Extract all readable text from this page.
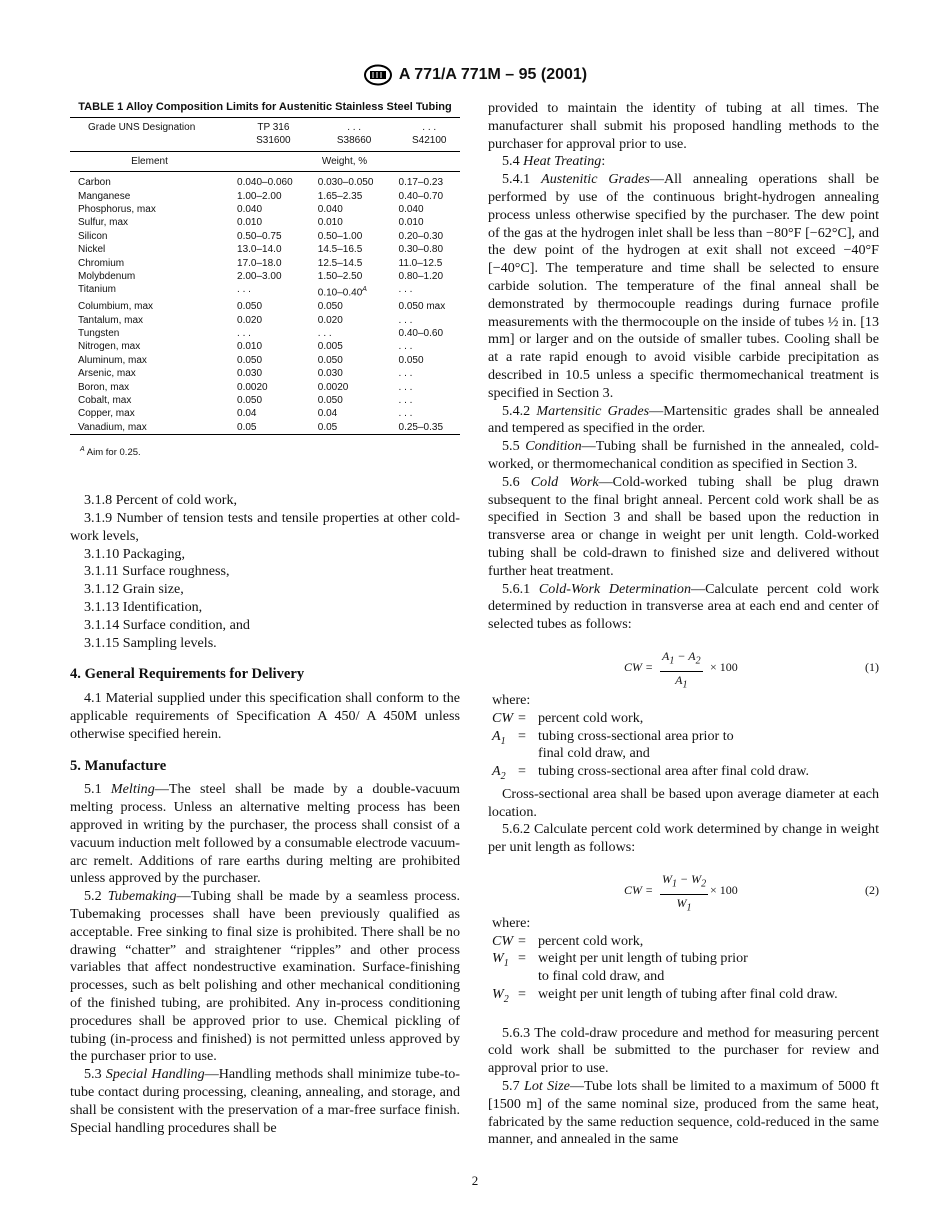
A 771/A 771M – 95 (2001)
TABLE 1 Alloy Composition Limits for Austenitic Stainless Steel Tubing
Grade UNS Designation	TP 316	. . .	. . .
	S31600	S38660	S42100
Element	Weight, %		

Carbon	0.040–0.060	0.030–0.050	0.17–0.23
Manganese	1.00–2.00	1.65–2.35	0.40–0.70
Phosphorus, max	0.040	0.040	0.040
Sulfur, max	0.010	0.010	0.010
Silicon	0.50–0.75	0.50–1.00	0.20–0.30
Nickel	13.0–14.0	14.5–16.5	0.30–0.80
Chromium	17.0–18.0	12.5–14.5	11.0–12.5
Molybdenum	2.00–3.00	1.50–2.50	0.80–1.20
Titanium	. . .	$0.10-0.40^A$	. . .
Columbium, max	0.050	0.050	0.050 max
Tantalum, max	0.020	0.020	. . .
Tungsten	. . .	. . .	0.40–0.60
Nitrogen, max	0.010	0.005	. . .
Aluminum, max	0.050	0.050	0.050
Arsenic, max	0.030	0.030	. . .
Boron, max	0.0020	0.0020	. . .
Cobalt, max	0.050	0.050	. . .
Copper, max	0.04	0.04	. . .
Vanadium, max	0.05	0.05	0.25–0.35
$^A$ Aim for 0.25.

3.1.8 Percent of cold work,

3.1.9 Number of tension tests and tensile properties at other cold-work levels,

3.1.10 Packaging,

3.1.11 Surface roughness,

3.1.12 Grain size,

3.1.13 Identification,

3.1.14 Surface condition, and

3.1.15 Sampling levels.

4. General Requirements for Delivery

4.1 Material supplied under this specification shall conform to the applicable requirements of Specification A 450/ A 450M unless otherwise specified herein.

5. Manufacture

5.1 Melting—The steel shall be made by a double-vacuum melting process. Unless an alternative melting process has been approved in writing by the purchaser, the process shall consist of a vacuum induction melt followed by a consumable electrode vacuum-arc remelt. Additions of rare earths during melting are prohibited unless approved by the purchaser.

5.2 Tubemaking—Tubing shall be made by a seamless process. Tubemaking processes shall have been previously qualified as acceptable. Free sinking to final size is prohibited. There shall be no drawing “chatter” and straightener “ripples” and other process variables that affect nondestructive examination. Surface-finishing processes, such as belt polishing and other mechanical conditioning of the finished tubing, are prohibited. Any in-process conditioning procedures shall be approved prior to use. Chemical pickling of tubing (in-process and finished) is not permitted unless approved by the purchaser prior to use.

5.3 Special Handling—Handling methods shall minimize tube-to-tube contact during processing, cleaning, annealing, and storage, and shall be consistent with the preservation of a mar-free surface finish. Special handling procedures shall be

provided to maintain the identity of tubing at all times. The manufacturer shall submit his proposed handling methods to the purchaser for approval prior to use.

5.4 Heat Treating:

5.4.1 Austenitic Grades—All annealing operations shall be performed by use of the continuous bright-hydrogen annealing process unless otherwise specified by the purchaser. The dew point of the gas at the hydrogen inlet shall be less than −80°F [−62°C], and the dew point of the hydrogen at exit shall not exceed −40°F [−40°C]. The temperature and time shall be selected to ensure carbide solution. The temperature of the final anneal shall be demonstrated by thermocouple readings during furnace profile measurements with the thermocouple on the inside of tubes ½ in. [13 mm] or larger and on the outside of smaller tubes. Cooling shall be at a rate rapid enough to avoid visible carbide precipitation as described in 10.5 unless a specific thermomechanical treatment is specified in Section 3.

5.4.2 Martensitic Grades—Martensitic grades shall be annealed and tempered as specified in the order.

5.5 Condition—Tubing shall be furnished in the annealed, cold-worked, or thermomechanical condition as specified in Section 3.

5.6 Cold Work—Cold-worked tubing shall be plug drawn subsequent to the final bright anneal. Percent cold work shall be as specified in Section 3 and shall be based upon the reduction in transverse area or change in weight per unit length. Cold-worked tubing shall be cold-drawn to finished size and delivered without further heat treatment.

5.6.1 Cold-Work Determination—Calculate percent cold work determined by reduction in transverse area at each end and center of selected tubes as follows:

CW = $\frac{A_1 - A_2}{A_1} \times 100$	(1)

where:

CW = percent cold work,
$A_1$ = tubing cross-sectional area prior to final cold draw, and
$A_2$ = tubing cross-sectional area after final cold draw.

Cross-sectional area shall be based upon average diameter at each location.

5.6.2 Calculate percent cold work determined by change in weight per unit length as follows:

CW = $\frac{W_1 - W_2}{W_1} \times 100$	(2)

where:

CW = percent cold work,
$W_1$ = weight per unit length of tubing prior to final cold draw, and
$W_2$ = weight per unit length of tubing after final cold draw.

5.6.3 The cold-draw procedure and method for measuring percent cold work shall be submitted to the purchaser for review and approval prior to use.

5.7 Lot Size—Tube lots shall be limited to a maximum of 5000 ft [1500 m] of the same nominal size, produced from the same heat, fabricated by the same reduction sequence, cold-reduced in the same manner, and annealed in the same

2
